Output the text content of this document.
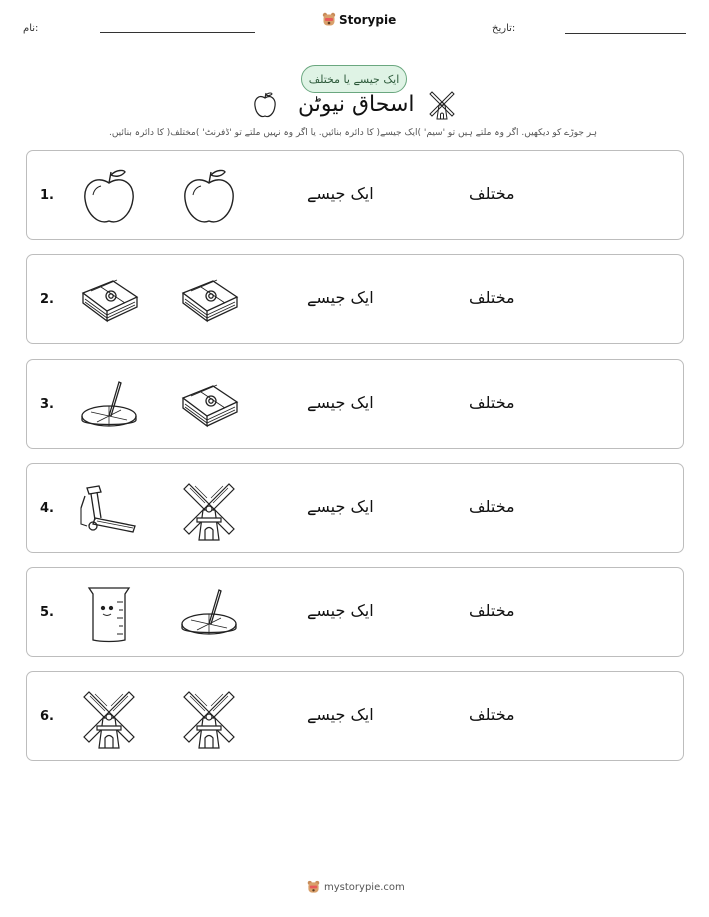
نام:
Storypie
تاریخ:
ایک جیسے یا مختلف
اسحاق نیوٹن
ہر جوڑے کو دیکھیں. اگر وہ ملتے ہیں تو 'سیم' )ایک جیسے( کا دائرہ بنائیں. یا اگر وہ نہیں ملتے تو 'ڈفرنٹ' )مختلف( کا دائرہ بنائیں.
1.	ایک جیسے	مختلف
2.	ایک جیسے	مختلف
3.	ایک جیسے	مختلف
4.	ایک جیسے	مختلف
5.	ایک جیسے	مختلف
6.	ایک جیسے	مختلف
mystorypie.com
